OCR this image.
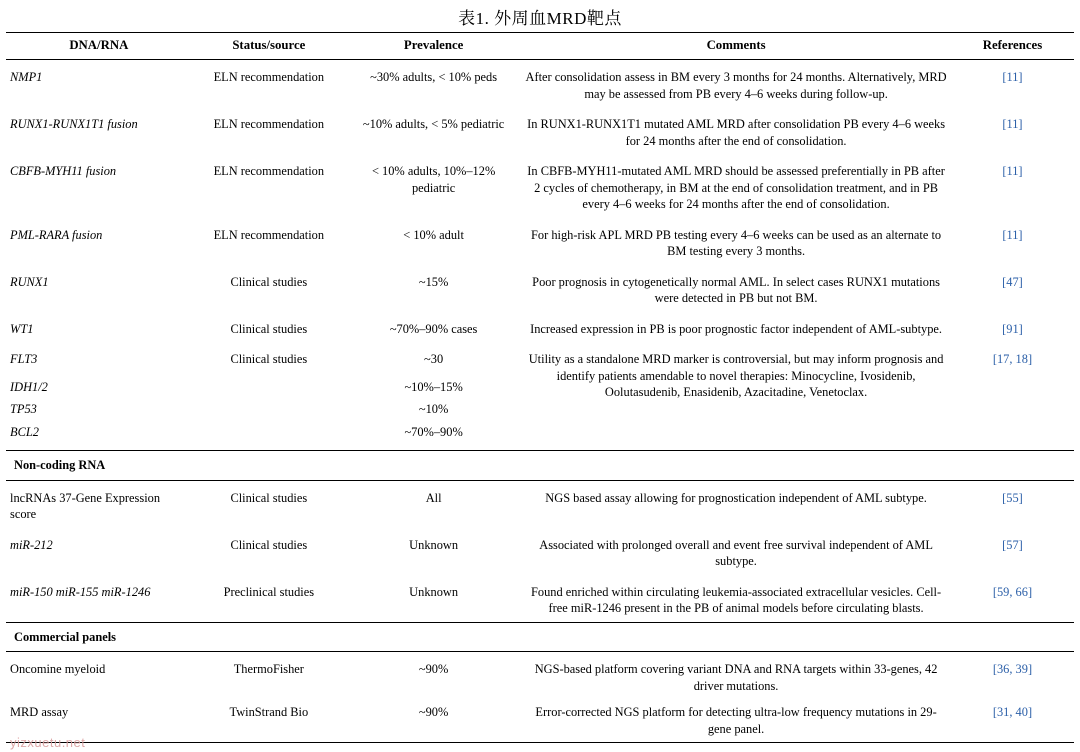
表1. 外周血MRD靶点
DNA/RNA	Status/source	Prevalence	Comments	References
NMP1	ELN recommendation	~30% adults, < 10% peds	After consolidation assess in BM every 3 months for 24 months. Alternatively, MRD may be assessed from PB every 4–6 weeks during follow-up.	[11]
RUNX1-RUNX1T1 fusion	ELN recommendation	~10% adults, < 5% pediatric	In RUNX1-RUNX1T1 mutated AML MRD after consolidation PB every 4–6 weeks for 24 months after the end of consolidation.	[11]
CBFB-MYH11 fusion	ELN recommendation	< 10% adults, 10%–12% pediatric	In CBFB-MYH11-mutated AML MRD should be assessed preferentially in PB after 2 cycles of chemotherapy, in BM at the end of consolidation treatment, and in PB every 4–6 weeks for 24 months after the end of consolidation.	[11]
PML-RARA fusion	ELN recommendation	< 10% adult	For high-risk APL MRD PB testing every 4–6 weeks can be used as an alternate to BM testing every 3 months.	[11]
RUNX1	Clinical studies	~15%	Poor prognosis in cytogenetically normal AML. In select cases RUNX1 mutations were detected in PB but not BM.	[47]
WT1	Clinical studies	~70%–90% cases	Increased expression in PB is poor prognostic factor independent of AML-subtype.	[91]
FLT3	Clinical studies	~30	Utility as a standalone MRD marker is controversial, but may inform prognosis and identify patients amendable to novel therapies: Minocycline, Ivosidenib, Oolutasudenib, Enasidenib, Azacitadine, Venetoclax.	[17, 18]
IDH1/2		~10%–15%		
TP53		~10%		
BCL2		~70%–90%		
Non-coding RNA				
lncRNAs 37-Gene Expression score	Clinical studies	All	NGS based assay allowing for prognostication independent of AML subtype.	[55]
miR-212	Clinical studies	Unknown	Associated with prolonged overall and event free survival independent of AML subtype.	[57]
miR-150 miR-155 miR-1246	Preclinical studies	Unknown	Found enriched within circulating leukemia-associated extracellular vesicles. Cell-free miR-1246 present in the PB of animal models before circulating blasts.	[59, 66]
Commercial panels				
Oncomine myeloid	ThermoFisher	~90%	NGS-based platform covering variant DNA and RNA targets within 33-genes, 42 driver mutations.	[36, 39]
MRD assay	TwinStrand Bio	~90%	Error-corrected NGS platform for detecting ultra-low frequency mutations in 29-gene panel.	[31, 40]
yizxuetu.net
